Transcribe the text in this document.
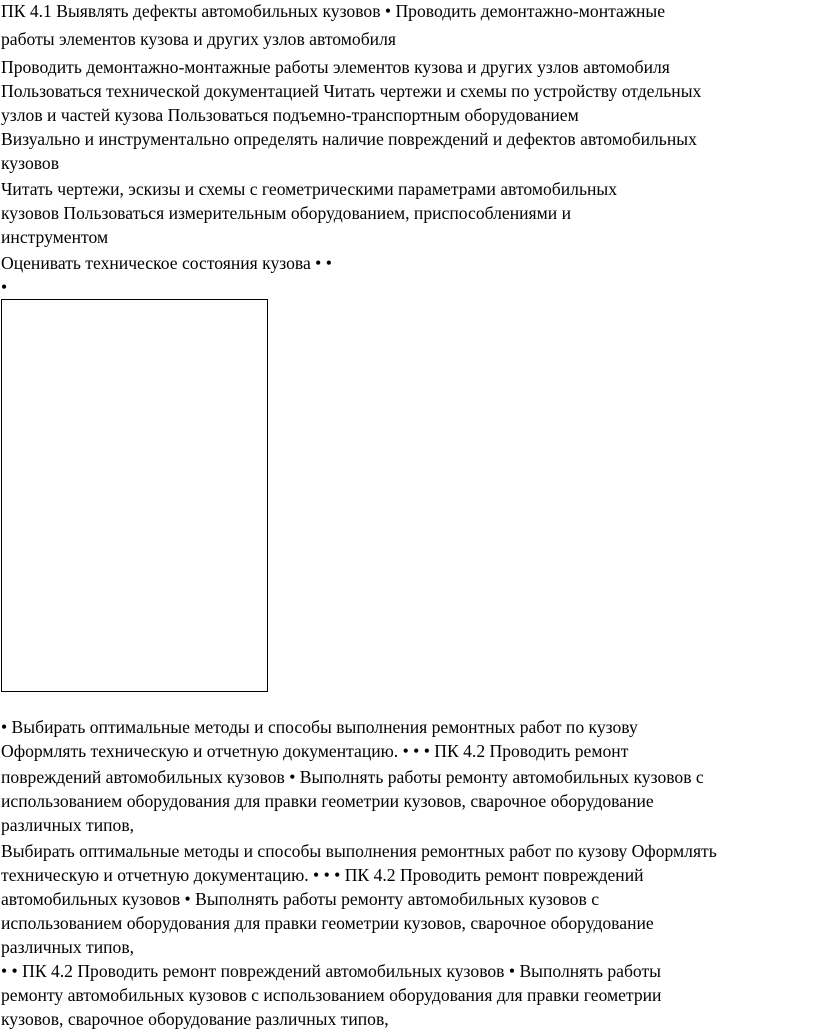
ПК 4.1 Выявлять дефекты автомобильных кузовов • Проводить демонтажно-монтажные
работы элементов кузова и других узлов автомобиля
Проводить демонтажно-монтажные работы элементов кузова и других узлов автомобиля
Пользоваться технической документацией Читать чертежи и схемы по устройству отдельных
узлов и частей кузова Пользоваться подъемно-транспортным оборудованием
Визуально и инструментально определять наличие повреждений и дефектов автомобильных
кузовов
Читать чертежи, эскизы и схемы с геометрическими параметрами автомобильных
кузовов Пользоваться измерительным оборудованием, приспособлениями и
инструментом
Оценивать техническое состояния кузова • •
•
• Выбирать оптимальные методы и способы выполнения ремонтных работ по кузову
Оформлять техническую и отчетную документацию. • • • ПК 4.2 Проводить ремонт
повреждений автомобильных кузовов • Выполнять работы ремонту автомобильных кузовов с
использованием оборудования для правки геометрии кузовов, сварочное оборудование
различных типов,
Выбирать оптимальные методы и способы выполнения ремонтных работ по кузову Оформлять
техническую и отчетную документацию. • • • ПК 4.2 Проводить ремонт повреждений
автомобильных кузовов • Выполнять работы ремонту автомобильных кузовов с
использованием оборудования для правки геометрии кузовов, сварочное оборудование
различных типов,
• • ПК 4.2 Проводить ремонт повреждений автомобильных кузовов • Выполнять работы
ремонту автомобильных кузовов с использованием оборудования для правки геометрии
кузовов, сварочное оборудование различных типов,
